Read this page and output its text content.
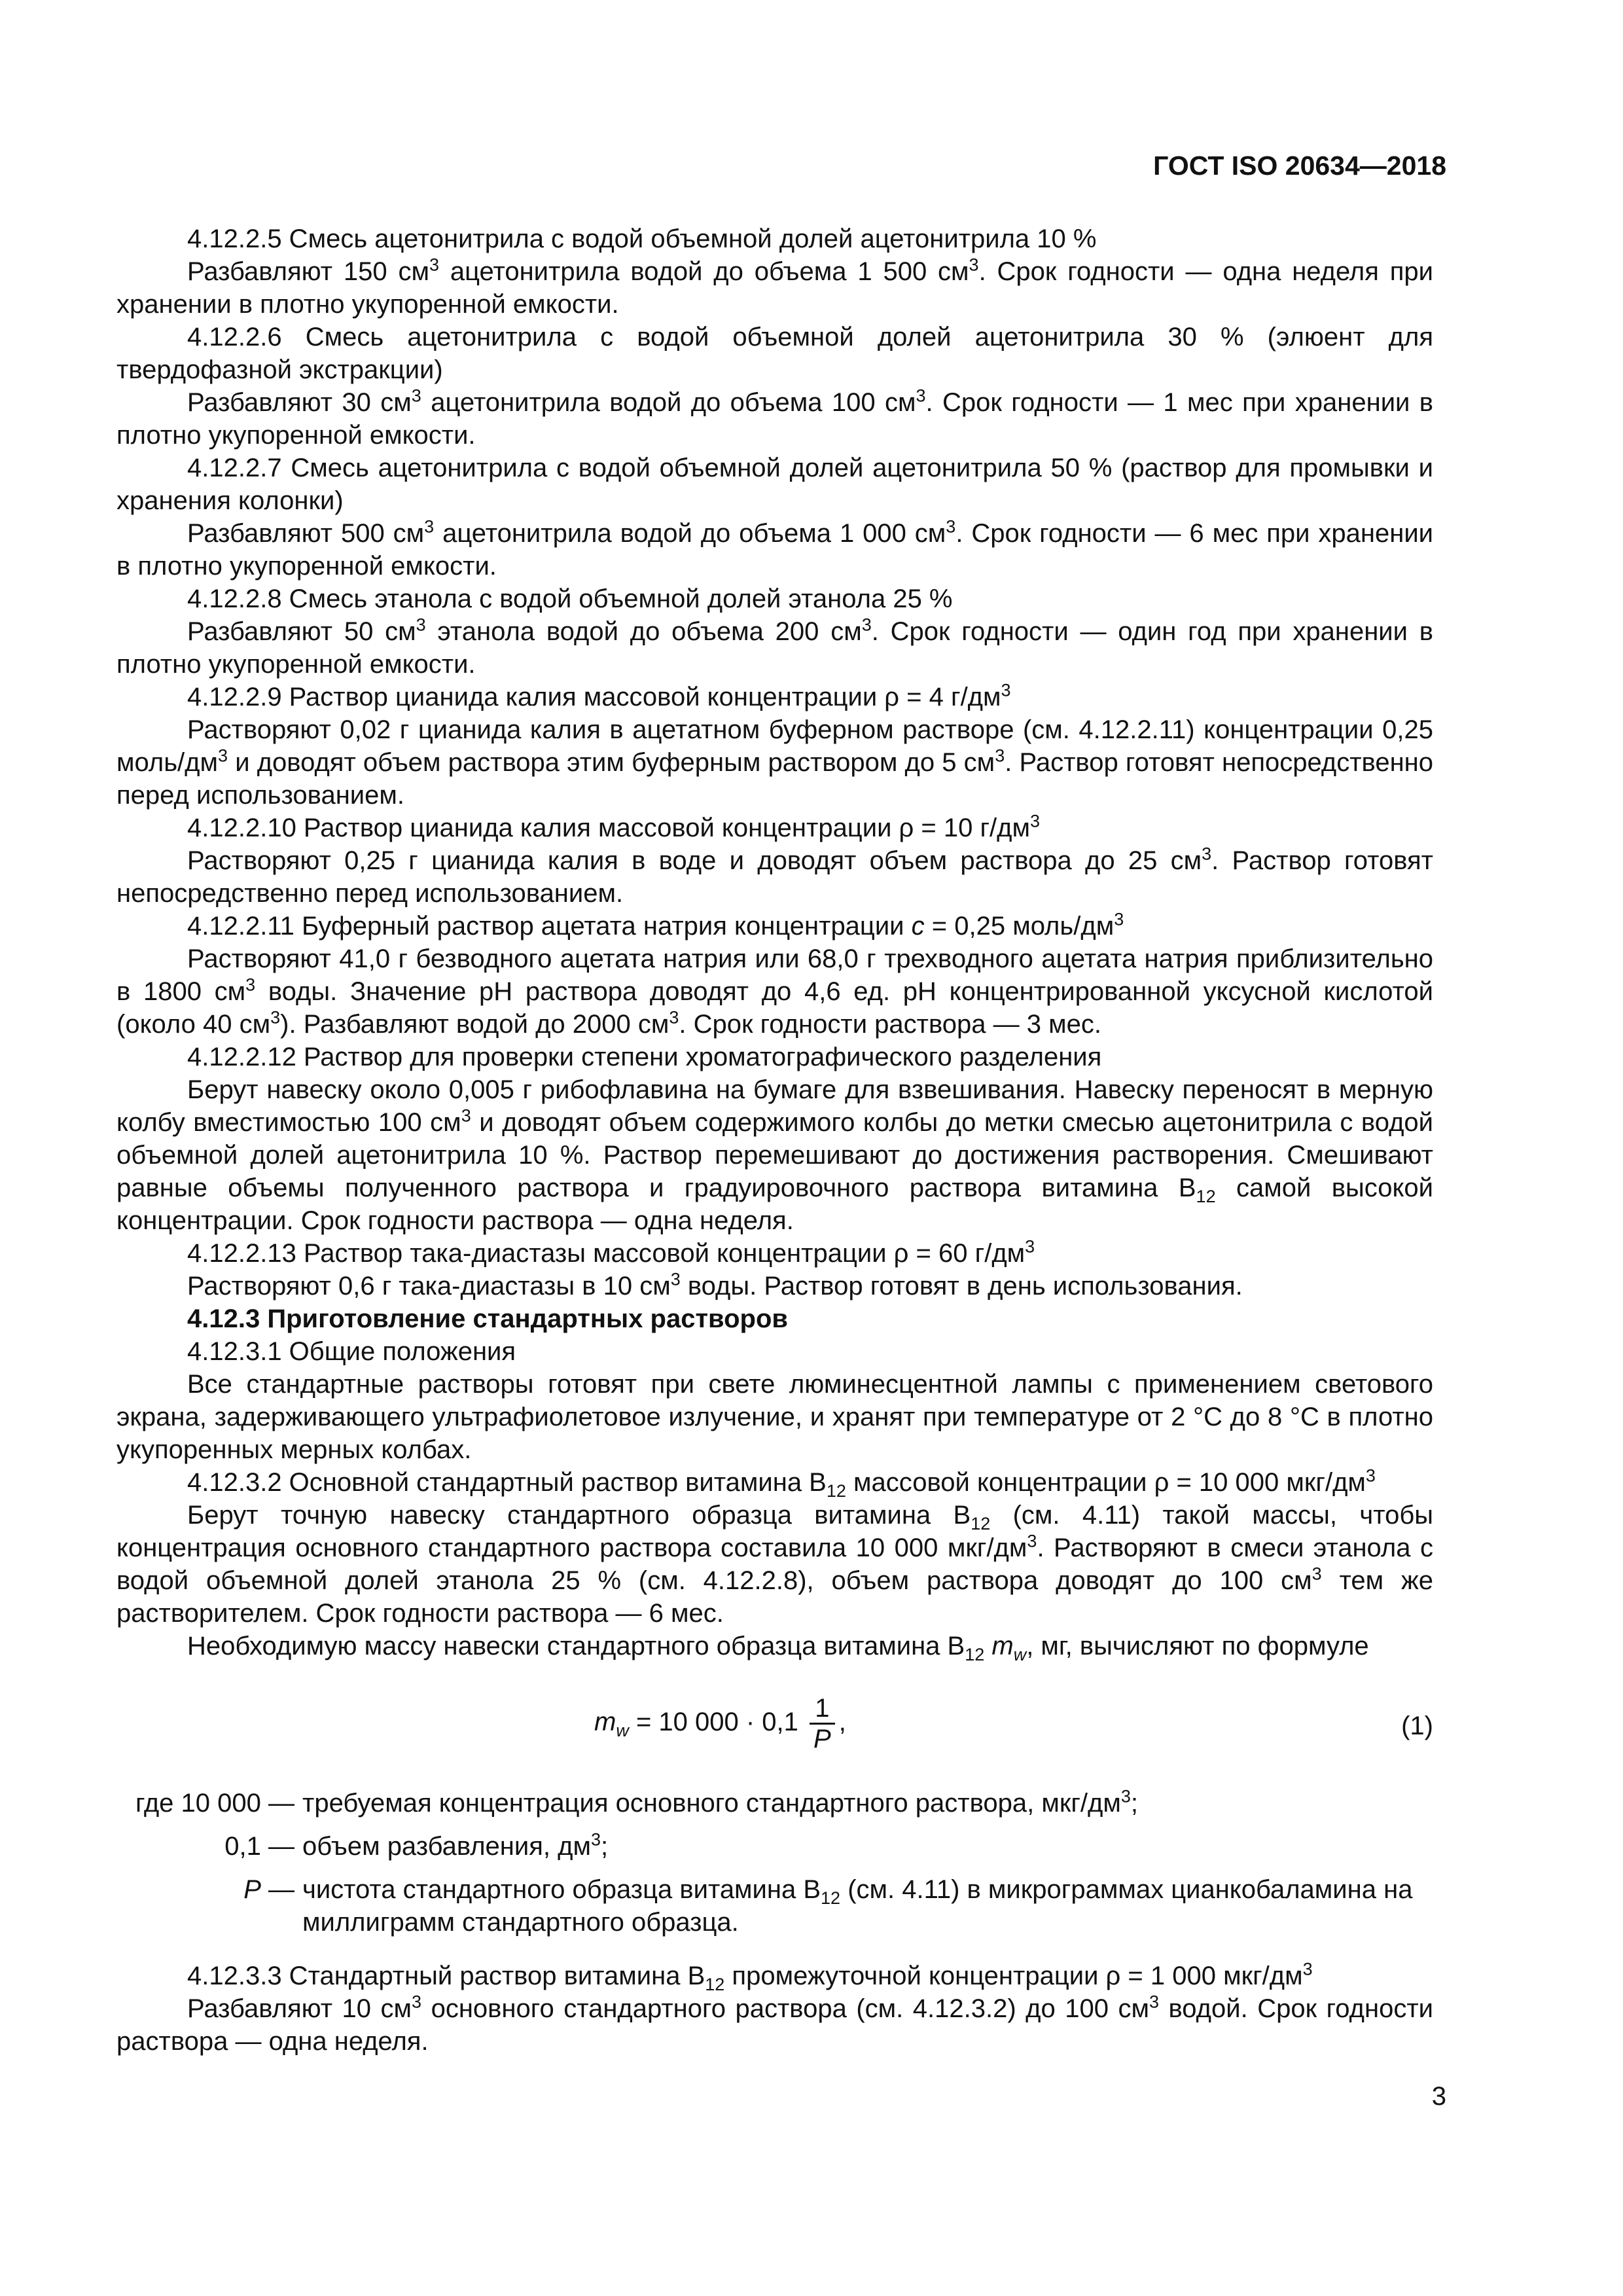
ГОСТ ISO 20634—2018

4.12.2.5 Смесь ацетонитрила с водой объемной долей ацетонитрила 10 %

Разбавляют 150 $см^3$ ацетонитрила водой до объема 1 500 $см^3$. Срок годности — одна неделя при хранении в плотно укупоренной емкости.

4.12.2.6 Смесь ацетонитрила с водой объемной долей ацетонитрила 30 % (элюент для твердофазной экстракции)

Разбавляют 30 $см^3$ ацетонитрила водой до объема 100 $см^3$. Срок годности — 1 мес при хранении в плотно укупоренной емкости.

4.12.2.7 Смесь ацетонитрила с водой объемной долей ацетонитрила 50 % (раствор для промывки и хранения колонки)

Разбавляют 500 $см^3$ ацетонитрила водой до объема 1 000 $см^3$. Срок годности — 6 мес при хранении в плотно укупоренной емкости.

4.12.2.8 Смесь этанола с водой объемной долей этанола 25 %

Разбавляют 50 $см^3$ этанола водой до объема 200 $см^3$. Срок годности — один год при хранении в плотно укупоренной емкости.

4.12.2.9 Раствор цианида калия массовой концентрации ρ = 4 $г/дм^3$

Растворяют 0,02 г цианида калия в ацетатном буферном растворе (см. 4.12.2.11) концентрации 0,25 моль/$дм^3$ и доводят объем раствора этим буферным раствором до 5 $см^3$. Раствор готовят непосредственно перед использованием.

4.12.2.10 Раствор цианида калия массовой концентрации ρ = 10 $г/дм^3$

Растворяют 0,25 г цианида калия в воде и доводят объем раствора до 25 $см^3$. Раствор готовят непосредственно перед использованием.

4.12.2.11 Буферный раствор ацетата натрия концентрации c = 0,25 моль/$дм^3$

Растворяют 41,0 г безводного ацетата натрия или 68,0 г трехводного ацетата натрия приблизительно в 1800 $см^3$ воды. Значение pH раствора доводят до 4,6 ед. pH концентрированной уксусной кислотой (около 40 $см^3$). Разбавляют водой до 2000 $см^3$. Срок годности раствора — 3 мес.

4.12.2.12 Раствор для проверки степени хроматографического разделения

Берут навеску около 0,005 г рибофлавина на бумаге для взвешивания. Навеску переносят в мерную колбу вместимостью 100 $см^3$ и доводят объем содержимого колбы до метки смесью ацетонитрила с водой объемной долей ацетонитрила 10 %. Раствор перемешивают до достижения растворения. Смешивают равные объемы полученного раствора и градуировочного раствора витамина $B_{12}$ самой высокой концентрации. Срок годности раствора — одна неделя.

4.12.2.13 Раствор така-диастазы массовой концентрации ρ = 60 $г/дм^3$

Растворяют 0,6 г така-диастазы в 10 $см^3$ воды. Раствор готовят в день использования.

4.12.3 Приготовление стандартных растворов

4.12.3.1 Общие положения

Все стандартные растворы готовят при свете люминесцентной лампы с применением светового экрана, задерживающего ультрафиолетовое излучение, и хранят при температуре от 2 °C до 8 °C в плотно укупоренных мерных колбах.

4.12.3.2 Основной стандартный раствор витамина $B_{12}$ массовой концентрации ρ = 10 000 мкг/$дм^3$

Берут точную навеску стандартного образца витамина $B_{12}$ (см. 4.11) такой массы, чтобы концентрация основного стандартного раствора составила 10 000 мкг/$дм^3$. Растворяют в смеси этанола с водой объемной долей этанола 25 % (см. 4.12.2.8), объем раствора доводят до 100 $см^3$ тем же растворителем. Срок годности раствора — 6 мес.

Необходимую массу навески стандартного образца витамина $B_{12}$ $m_w$, мг, вычисляют по формуле

$m_w = 10$ $000 \cdot 0,1 \frac{1}{P}$ ,	(1)
где 10 000 — требуемая концентрация основного стандартного раствора, мкг/$дм^3$;
0,1 — объем разбавления, $дм^3$;
P — чистота стандартного образца витамина $B_{12}$ (см. 4.11) в микрограммах цианкобаламина на миллиграмм стандартного образца.

4.12.3.3 Стандартный раствор витамина $B_{12}$ промежуточной концентрации ρ = 1 000 мкг/$дм^3$

Разбавляют 10 $см^3$ основного стандартного раствора (см. 4.12.3.2) до 100 $см^3$ водой. Срок годности раствора — одна неделя.

3
